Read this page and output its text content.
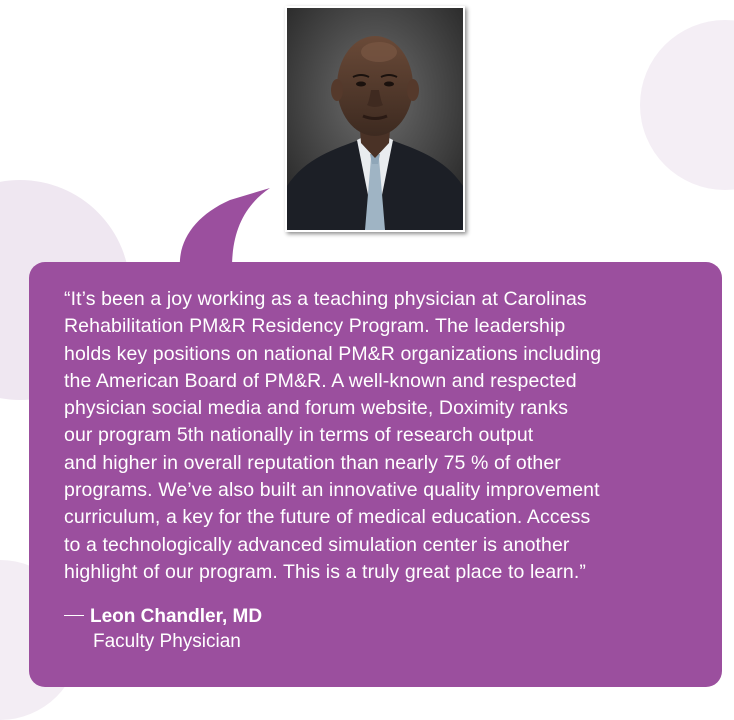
“It’s been a joy working as a teaching physician at Carolinas
Rehabilitation PM&R Residency Program. The leadership
holds key positions on national PM&R organizations including
the American Board of PM&R. A well-known and respected
physician social media and forum website, Doximity ranks
our program 5th nationally in terms of research output
and higher in overall reputation than nearly 75 % of other
programs. We’ve also built an innovative quality improvement
curriculum, a key for the future of medical education. Access
to a technologically advanced simulation center is another
highlight of our program. This is a truly great place to learn.”

Leon Chandler, MD
Faculty Physician
